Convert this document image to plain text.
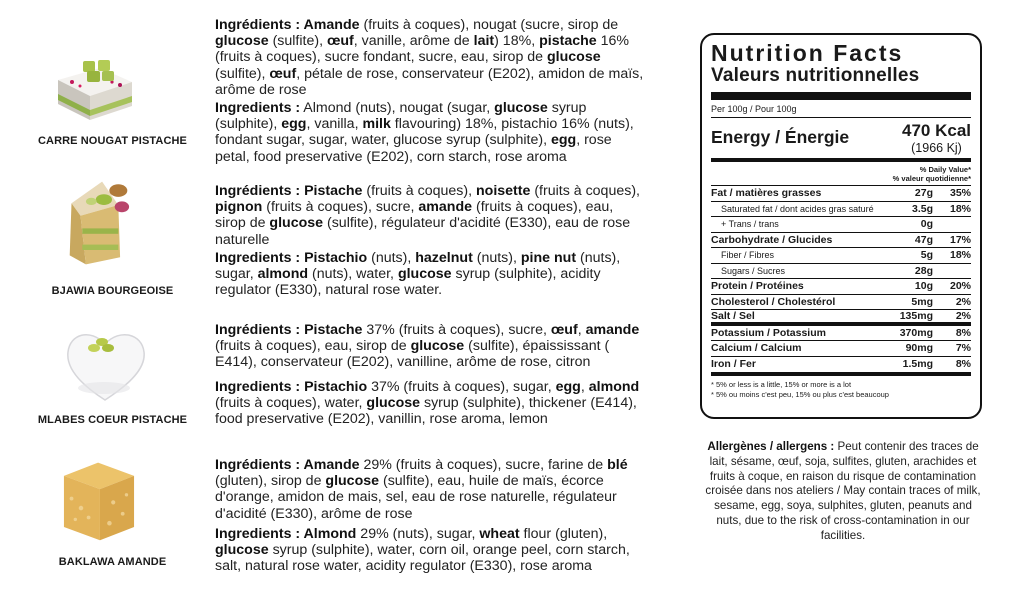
CARRE NOUGAT PISTACHE

Ingrédients : Amande (fruits à coques), nougat (sucre, sirop de glucose (sulfite), œuf, vanille, arôme de lait) 18%, pistache 16% (fruits à coques), sucre fondant, sucre, eau, sirop de glucose (sulfite), œuf, pétale de rose, conservateur (E202), amidon de maïs, arôme de rose

Ingredients : Almond (nuts), nougat (sugar, glucose syrup (sulphite), egg, vanilla, milk flavouring) 18%, pistachio 16% (nuts), fondant sugar, sugar, water, glucose syrup (sulphite), egg, rose petal, food preservative (E202), corn starch, rose aroma

BJAWIA BOURGEOISE

Ingrédients : Pistache (fruits à coques), noisette (fruits à coques), pignon (fruits à coques), sucre, amande (fruits à coques), eau, sirop de glucose (sulfite), régulateur d'acidité (E330), eau de rose naturelle

Ingredients : Pistachio (nuts), hazelnut (nuts), pine nut (nuts), sugar, almond (nuts), water, glucose syrup (sulphite), acidity regulator (E330), natural rose water.

MLABES COEUR PISTACHE

Ingrédients : Pistache 37% (fruits à coques), sucre, œuf, amande (fruits à coques), eau, sirop de glucose (sulfite), épaississant ( E414), conservateur (E202), vanilline, arôme de rose, citron

Ingredients : Pistachio 37% (fruits à coques), sugar, egg, almond (fruits à coques), water, glucose syrup (sulphite), thickener (E414), food preservative (E202), vanillin, rose aroma, lemon

BAKLAWA AMANDE

Ingrédients : Amande 29% (fruits à coques), sucre, farine de blé (gluten), sirop de glucose (sulfite), eau, huile de maïs, écorce d'orange, amidon de mais, sel, eau de rose naturelle, régulateur d'acidité (E330), arôme de rose

Ingredients : Almond 29% (nuts), sugar, wheat flour (gluten), glucose syrup (sulphite), water, corn oil, orange peel, corn starch, salt, natural rose water, acidity regulator (E330), rose aroma

Nutrition Facts
Valeurs nutritionnelles
Per 100g / Pour 100g
Energy / Énergie	470 Kcal
(1966 Kj)
% Daily Value*
% valeur quotidienne*
Fat / matières grasses	27g	35%
Saturated fat / dont acides gras saturé	3.5g	18%
+ Trans / trans	0g
Carbohydrate / Glucides	47g	17%
Fiber / Fibres	5g	18%
Sugars / Sucres	28g
Protein / Protéines	10g	20%
Cholesterol / Cholestérol	5mg	2%
Salt / Sel	135mg	2%
Potassium / Potassium	370mg	8%
Calcium / Calcium	90mg	7%
Iron / Fer	1.5mg	8%
* 5% or less is a little, 15% or more is a lot
* 5% ou moins c'est peu, 15% ou plus c'est beaucoup
Allergènes / allergens : Peut contenir des traces de lait, sésame, œuf, soja, sulfites, gluten, arachides et fruits à coque, en raison du risque de contamination croisée dans nos ateliers / May contain traces of milk, sesame, egg, soya, sulphites, gluten, peanuts and nuts, due to the risk of cross-contamination in our facilities.
